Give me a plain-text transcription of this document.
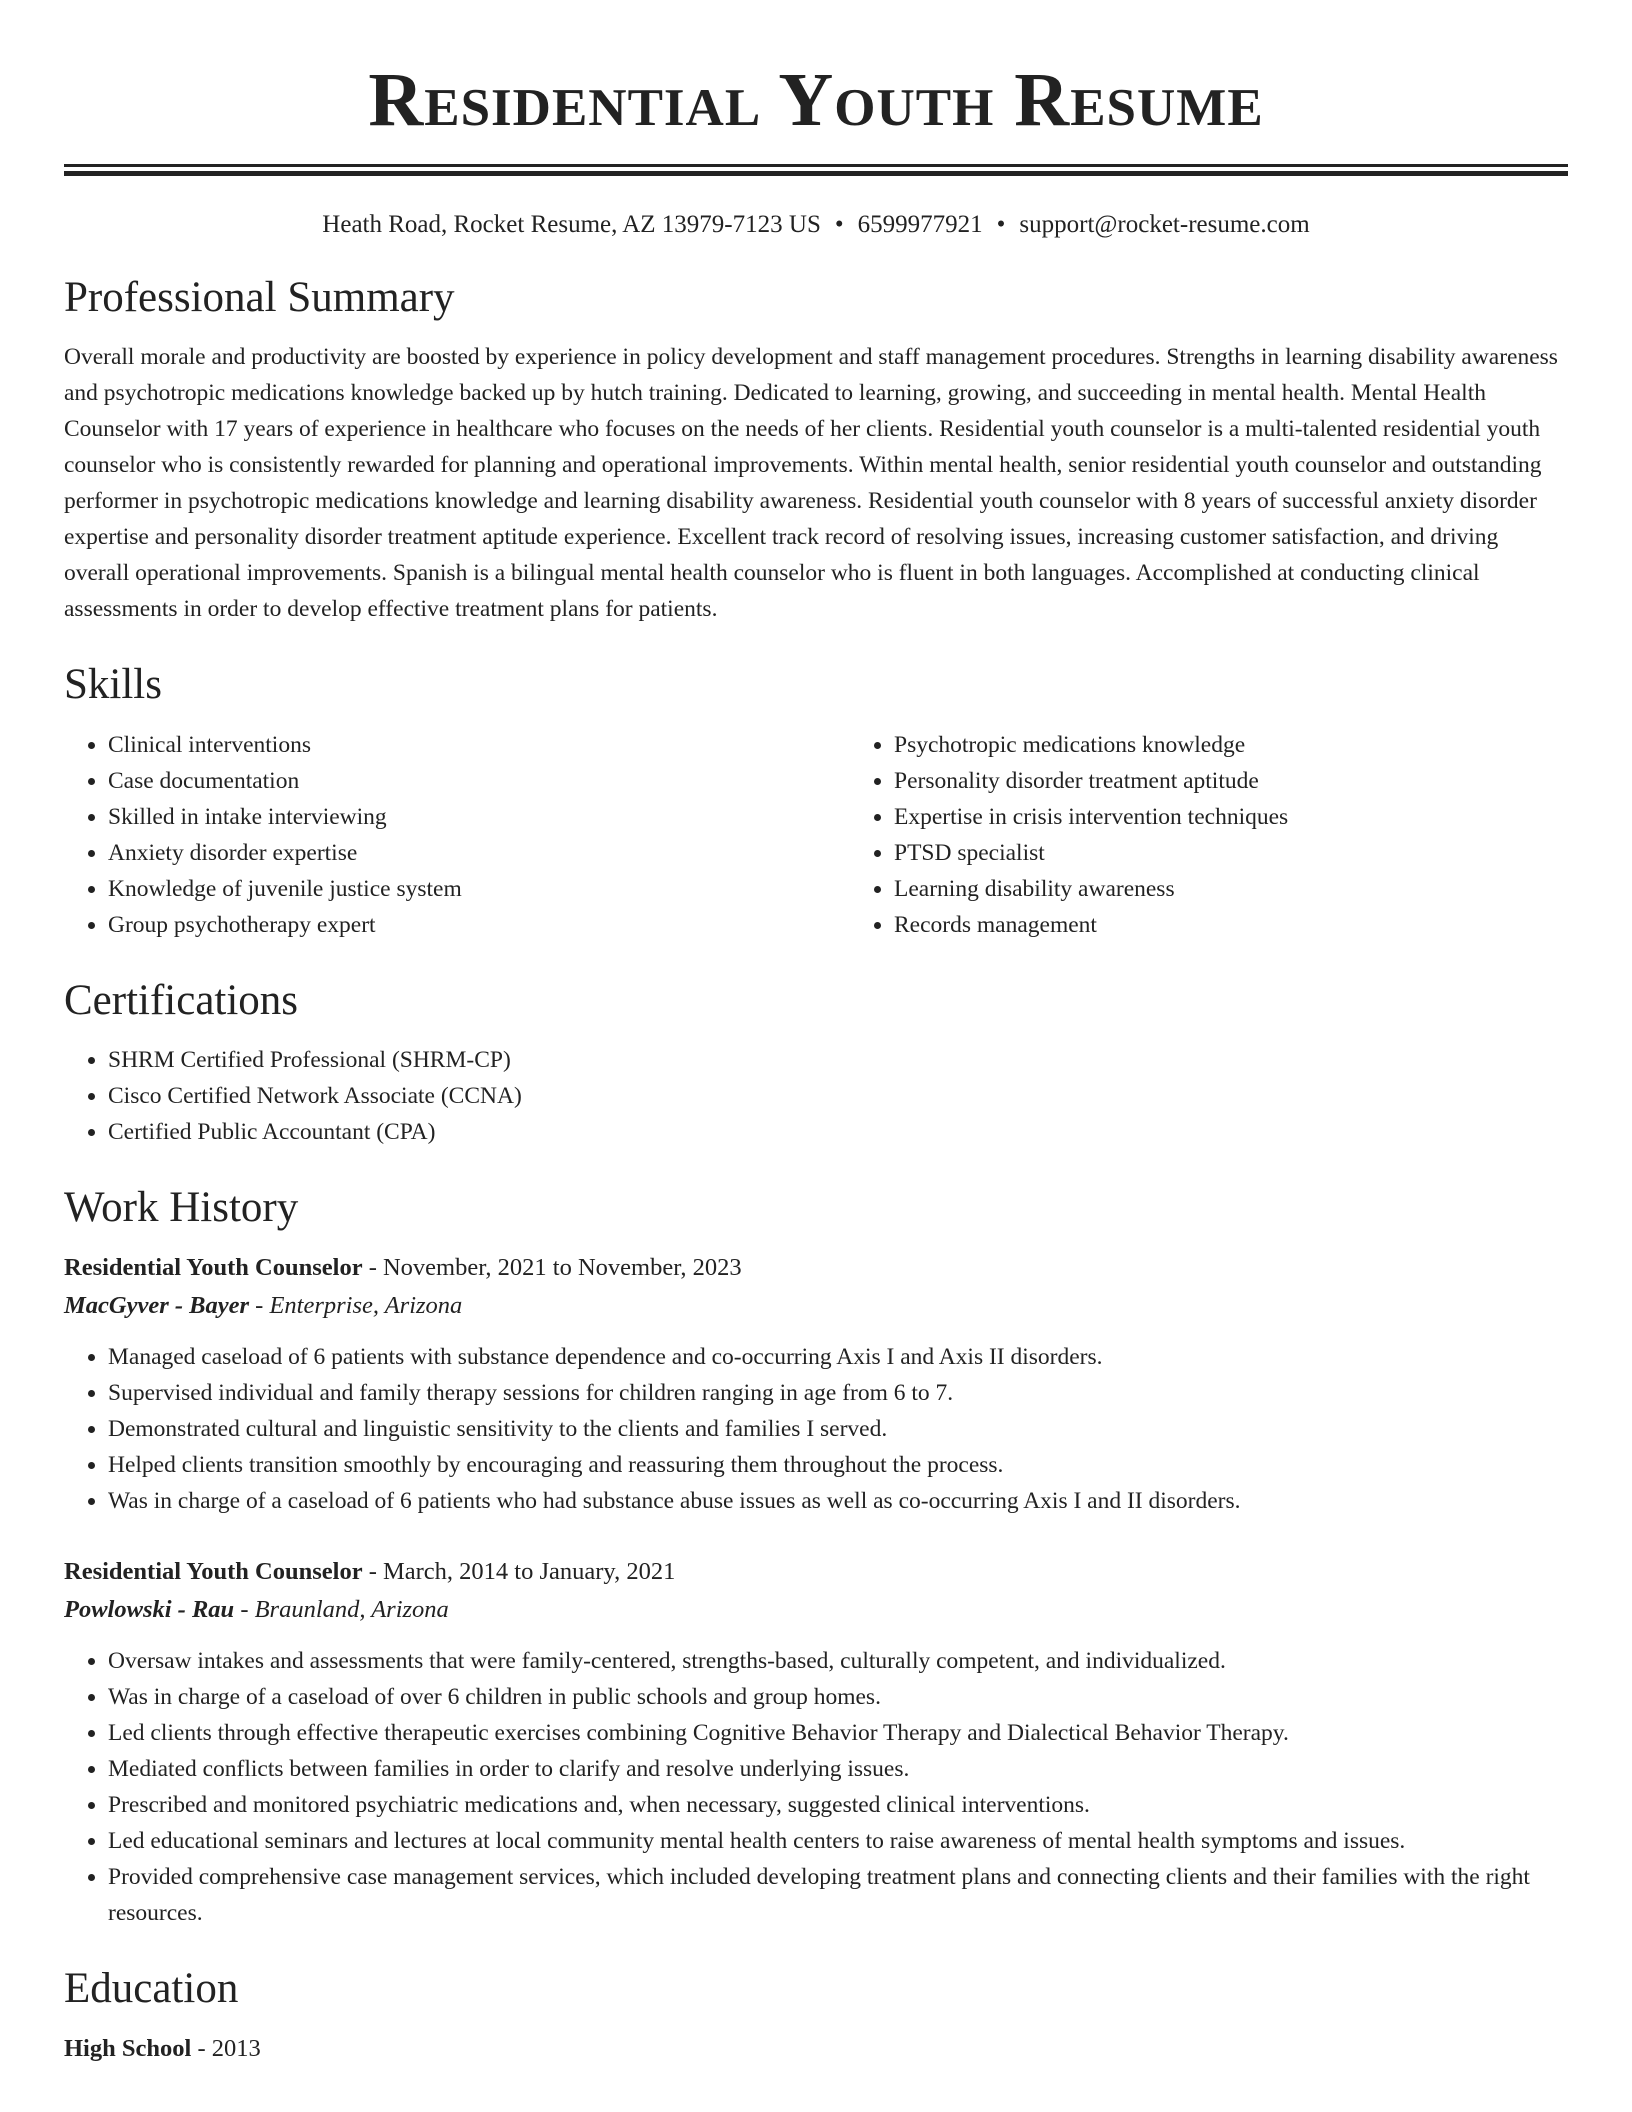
Residential Youth Resume
Heath Road, Rocket Resume, AZ 13979-7123 US • 6599977921 • support@rocket-resume.com
Professional Summary

Overall morale and productivity are boosted by experience in policy development and staff management procedures. Strengths in learning disability awareness and psychotropic medications knowledge backed up by hutch training. Dedicated to learning, growing, and succeeding in mental health. Mental Health Counselor with 17 years of experience in healthcare who focuses on the needs of her clients. Residential youth counselor is a multi-talented residential youth counselor who is consistently rewarded for planning and operational improvements. Within mental health, senior residential youth counselor and outstanding performer in psychotropic medications knowledge and learning disability awareness. Residential youth counselor with 8 years of successful anxiety disorder expertise and personality disorder treatment aptitude experience. Excellent track record of resolving issues, increasing customer satisfaction, and driving overall operational improvements. Spanish is a bilingual mental health counselor who is fluent in both languages. Accomplished at conducting clinical assessments in order to develop effective treatment plans for patients.

Skills
• Clinical interventions
• Case documentation
• Skilled in intake interviewing
• Anxiety disorder expertise
• Knowledge of juvenile justice system
• Group psychotherapy expert
• Psychotropic medications knowledge
• Personality disorder treatment aptitude
• Expertise in crisis intervention techniques
• PTSD specialist
• Learning disability awareness
• Records management
Certifications
• SHRM Certified Professional (SHRM-CP)
• Cisco Certified Network Associate (CCNA)
• Certified Public Accountant (CPA)
Work History
Residential Youth Counselor - November, 2021 to November, 2023
MacGyver - Bayer - Enterprise, Arizona
• Managed caseload of 6 patients with substance dependence and co-occurring Axis I and Axis II disorders.
• Supervised individual and family therapy sessions for children ranging in age from 6 to 7.
• Demonstrated cultural and linguistic sensitivity to the clients and families I served.
• Helped clients transition smoothly by encouraging and reassuring them throughout the process.
• Was in charge of a caseload of 6 patients who had substance abuse issues as well as co-occurring Axis I and II disorders.
Residential Youth Counselor - March, 2014 to January, 2021
Powlowski - Rau - Braunland, Arizona
• Oversaw intakes and assessments that were family-centered, strengths-based, culturally competent, and individualized.
• Was in charge of a caseload of over 6 children in public schools and group homes.
• Led clients through effective therapeutic exercises combining Cognitive Behavior Therapy and Dialectical Behavior Therapy.
• Mediated conflicts between families in order to clarify and resolve underlying issues.
• Prescribed and monitored psychiatric medications and, when necessary, suggested clinical interventions.
• Led educational seminars and lectures at local community mental health centers to raise awareness of mental health symptoms and issues.
• Provided comprehensive case management services, which included developing treatment plans and connecting clients and their families with the right resources.
Education
High School - 2013
